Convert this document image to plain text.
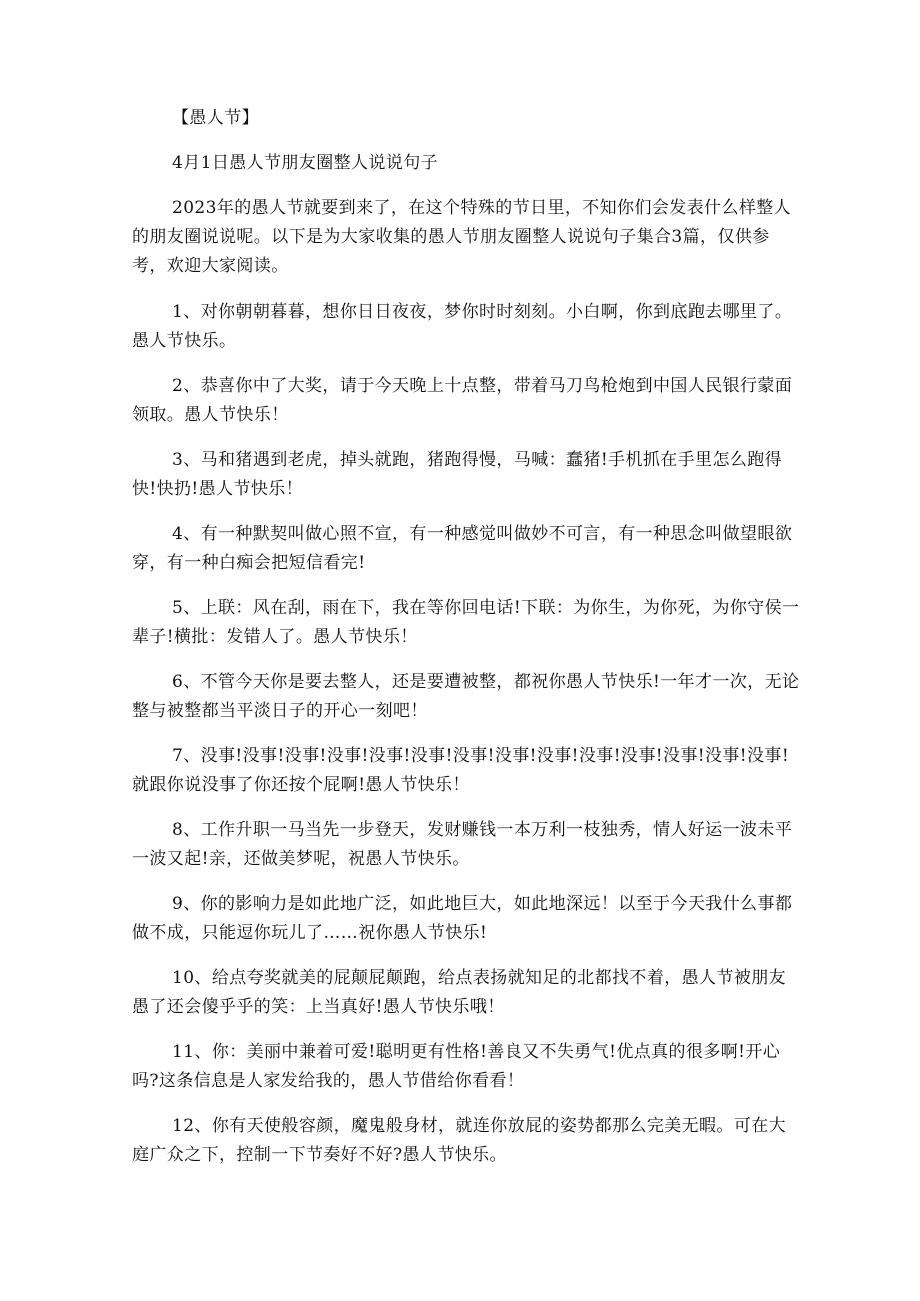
【愚人节】

4月1日愚人节朋友圈整人说说句子

2023年的愚人节就要到来了，在这个特殊的节日里，不知你们会发表什么样整人的朋友圈说说呢。以下是为大家收集的愚人节朋友圈整人说说句子集合3篇，仅供参考，欢迎大家阅读。

1、对你朝朝暮暮，想你日日夜夜，梦你时时刻刻。小白啊，你到底跑去哪里了。愚人节快乐。

2、恭喜你中了大奖，请于今天晚上十点整，带着马刀鸟枪炮到中国人民银行蒙面领取。愚人节快乐！

3、马和猪遇到老虎，掉头就跑，猪跑得慢，马喊：蠢猪!手机抓在手里怎么跑得快!快扔!愚人节快乐！

4、有一种默契叫做心照不宣，有一种感觉叫做妙不可言，有一种思念叫做望眼欲穿，有一种白痴会把短信看完!

5、上联：风在刮，雨在下，我在等你回电话!下联：为你生，为你死，为你守侯一辈子!横批：发错人了。愚人节快乐！

6、不管今天你是要去整人，还是要遭被整，都祝你愚人节快乐!一年才一次，无论整与被整都当平淡日子的开心一刻吧！

7、没事!没事!没事!没事!没事!没事!没事!没事!没事!没事!没事!没事!没事!没事!就跟你说没事了你还按个屁啊!愚人节快乐！

8、工作升职一马当先一步登天，发财赚钱一本万利一枝独秀，情人好运一波未平一波又起!亲，还做美梦呢，祝愚人节快乐。

9、你的影响力是如此地广泛，如此地巨大，如此地深远！以至于今天我什么事都做不成，只能逗你玩儿了……祝你愚人节快乐!

10、给点夸奖就美的屁颠屁颠跑，给点表扬就知足的北都找不着，愚人节被朋友愚了还会傻乎乎的笑：上当真好!愚人节快乐哦！

11、你：美丽中兼着可爱!聪明更有性格!善良又不失勇气!优点真的很多啊!开心吗?这条信息是人家发给我的，愚人节借给你看看！

12、你有天使般容颜，魔鬼般身材，就连你放屁的姿势都那么完美无暇。可在大庭广众之下，控制一下节奏好不好?愚人节快乐。
